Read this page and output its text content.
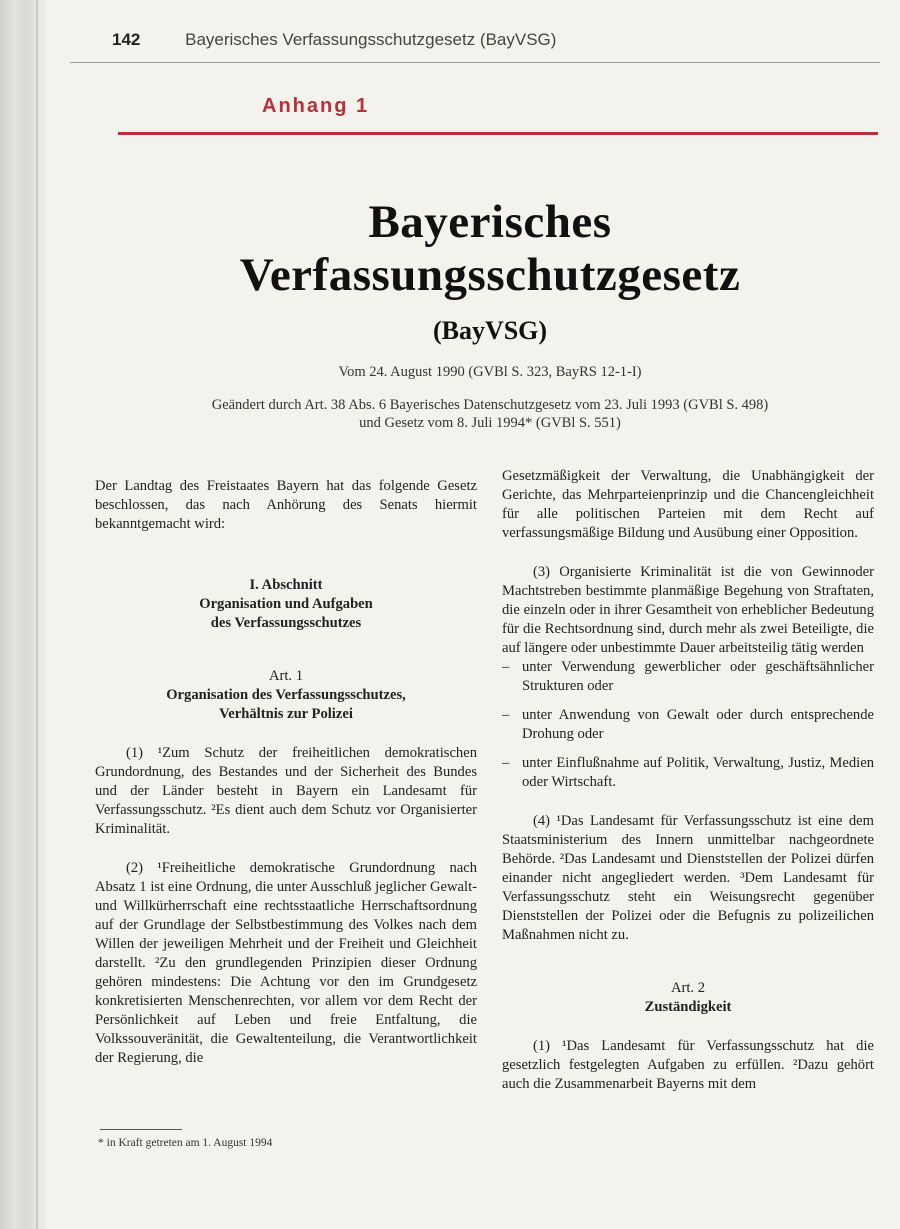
142	Bayerisches Verfassungsschutzgesetz (BayVSG)
Anhang 1
Bayerisches
Verfassungsschutzgesetz
(BayVSG)
Vom 24. August 1990 (GVBl S. 323, BayRS 12-1-I)
Geändert durch Art. 38 Abs. 6 Bayerisches Datenschutzgesetz vom 23. Juli 1993 (GVBl S. 498)
und Gesetz vom 8. Juli 1994* (GVBl S. 551)

Der Landtag des Freistaates Bayern hat das folgende Gesetz beschlossen, das nach Anhörung des Senats hiermit bekanntgemacht wird:

I. Abschnitt

Organisation und Aufgaben

des Verfassungsschutzes

Art. 1

Organisation des Verfassungsschutzes,

Verhältnis zur Polizei

(1) ¹Zum Schutz der freiheitlichen demokratischen Grundordnung, des Bestandes und der Sicherheit des Bundes und der Länder besteht in Bayern ein Landesamt für Verfassungsschutz. ²Es dient auch dem Schutz vor Organisierter Kriminalität.

(2) ¹Freiheitliche demokratische Grundordnung nach Absatz 1 ist eine Ordnung, die unter Ausschluß jeglicher Gewalt- und Willkürherrschaft eine rechtsstaatliche Herrschaftsordnung auf der Grundlage der Selbstbestimmung des Volkes nach dem Willen der jeweiligen Mehrheit und der Freiheit und Gleichheit darstellt. ²Zu den grundlegenden Prinzipien dieser Ordnung gehören mindestens: Die Achtung vor den im Grundgesetz konkretisierten Menschenrechten, vor allem vor dem Recht der Persönlichkeit auf Leben und freie Entfaltung, die Volkssouveränität, die Gewaltenteilung, die Verantwortlichkeit der Regierung, die

Gesetzmäßigkeit der Verwaltung, die Unabhängigkeit der Gerichte, das Mehrparteienprinzip und die Chancengleichheit für alle politischen Parteien mit dem Recht auf verfassungsmäßige Bildung und Ausübung einer Opposition.

(3) Organisierte Kriminalität ist die von Gewinnoder Machtstreben bestimmte planmäßige Begehung von Straftaten, die einzeln oder in ihrer Gesamtheit von erheblicher Bedeutung für die Rechtsordnung sind, durch mehr als zwei Beteiligte, die auf längere oder unbestimmte Dauer arbeitsteilig tätig werden

– unter Verwendung gewerblicher oder geschäftsähnlicher Strukturen oder

– unter Anwendung von Gewalt oder durch entsprechende Drohung oder

– unter Einflußnahme auf Politik, Verwaltung, Justiz, Medien oder Wirtschaft.

(4) ¹Das Landesamt für Verfassungsschutz ist eine dem Staatsministerium des Innern unmittelbar nachgeordnete Behörde. ²Das Landesamt und Dienststellen der Polizei dürfen einander nicht angegliedert werden. ³Dem Landesamt für Verfassungsschutz steht ein Weisungsrecht gegenüber Dienststellen der Polizei oder die Befugnis zu polizeilichen Maßnahmen nicht zu.

Art. 2

Zuständigkeit

(1) ¹Das Landesamt für Verfassungsschutz hat die gesetzlich festgelegten Aufgaben zu erfüllen. ²Dazu gehört auch die Zusammenarbeit Bayerns mit dem

* in Kraft getreten am 1. August 1994
